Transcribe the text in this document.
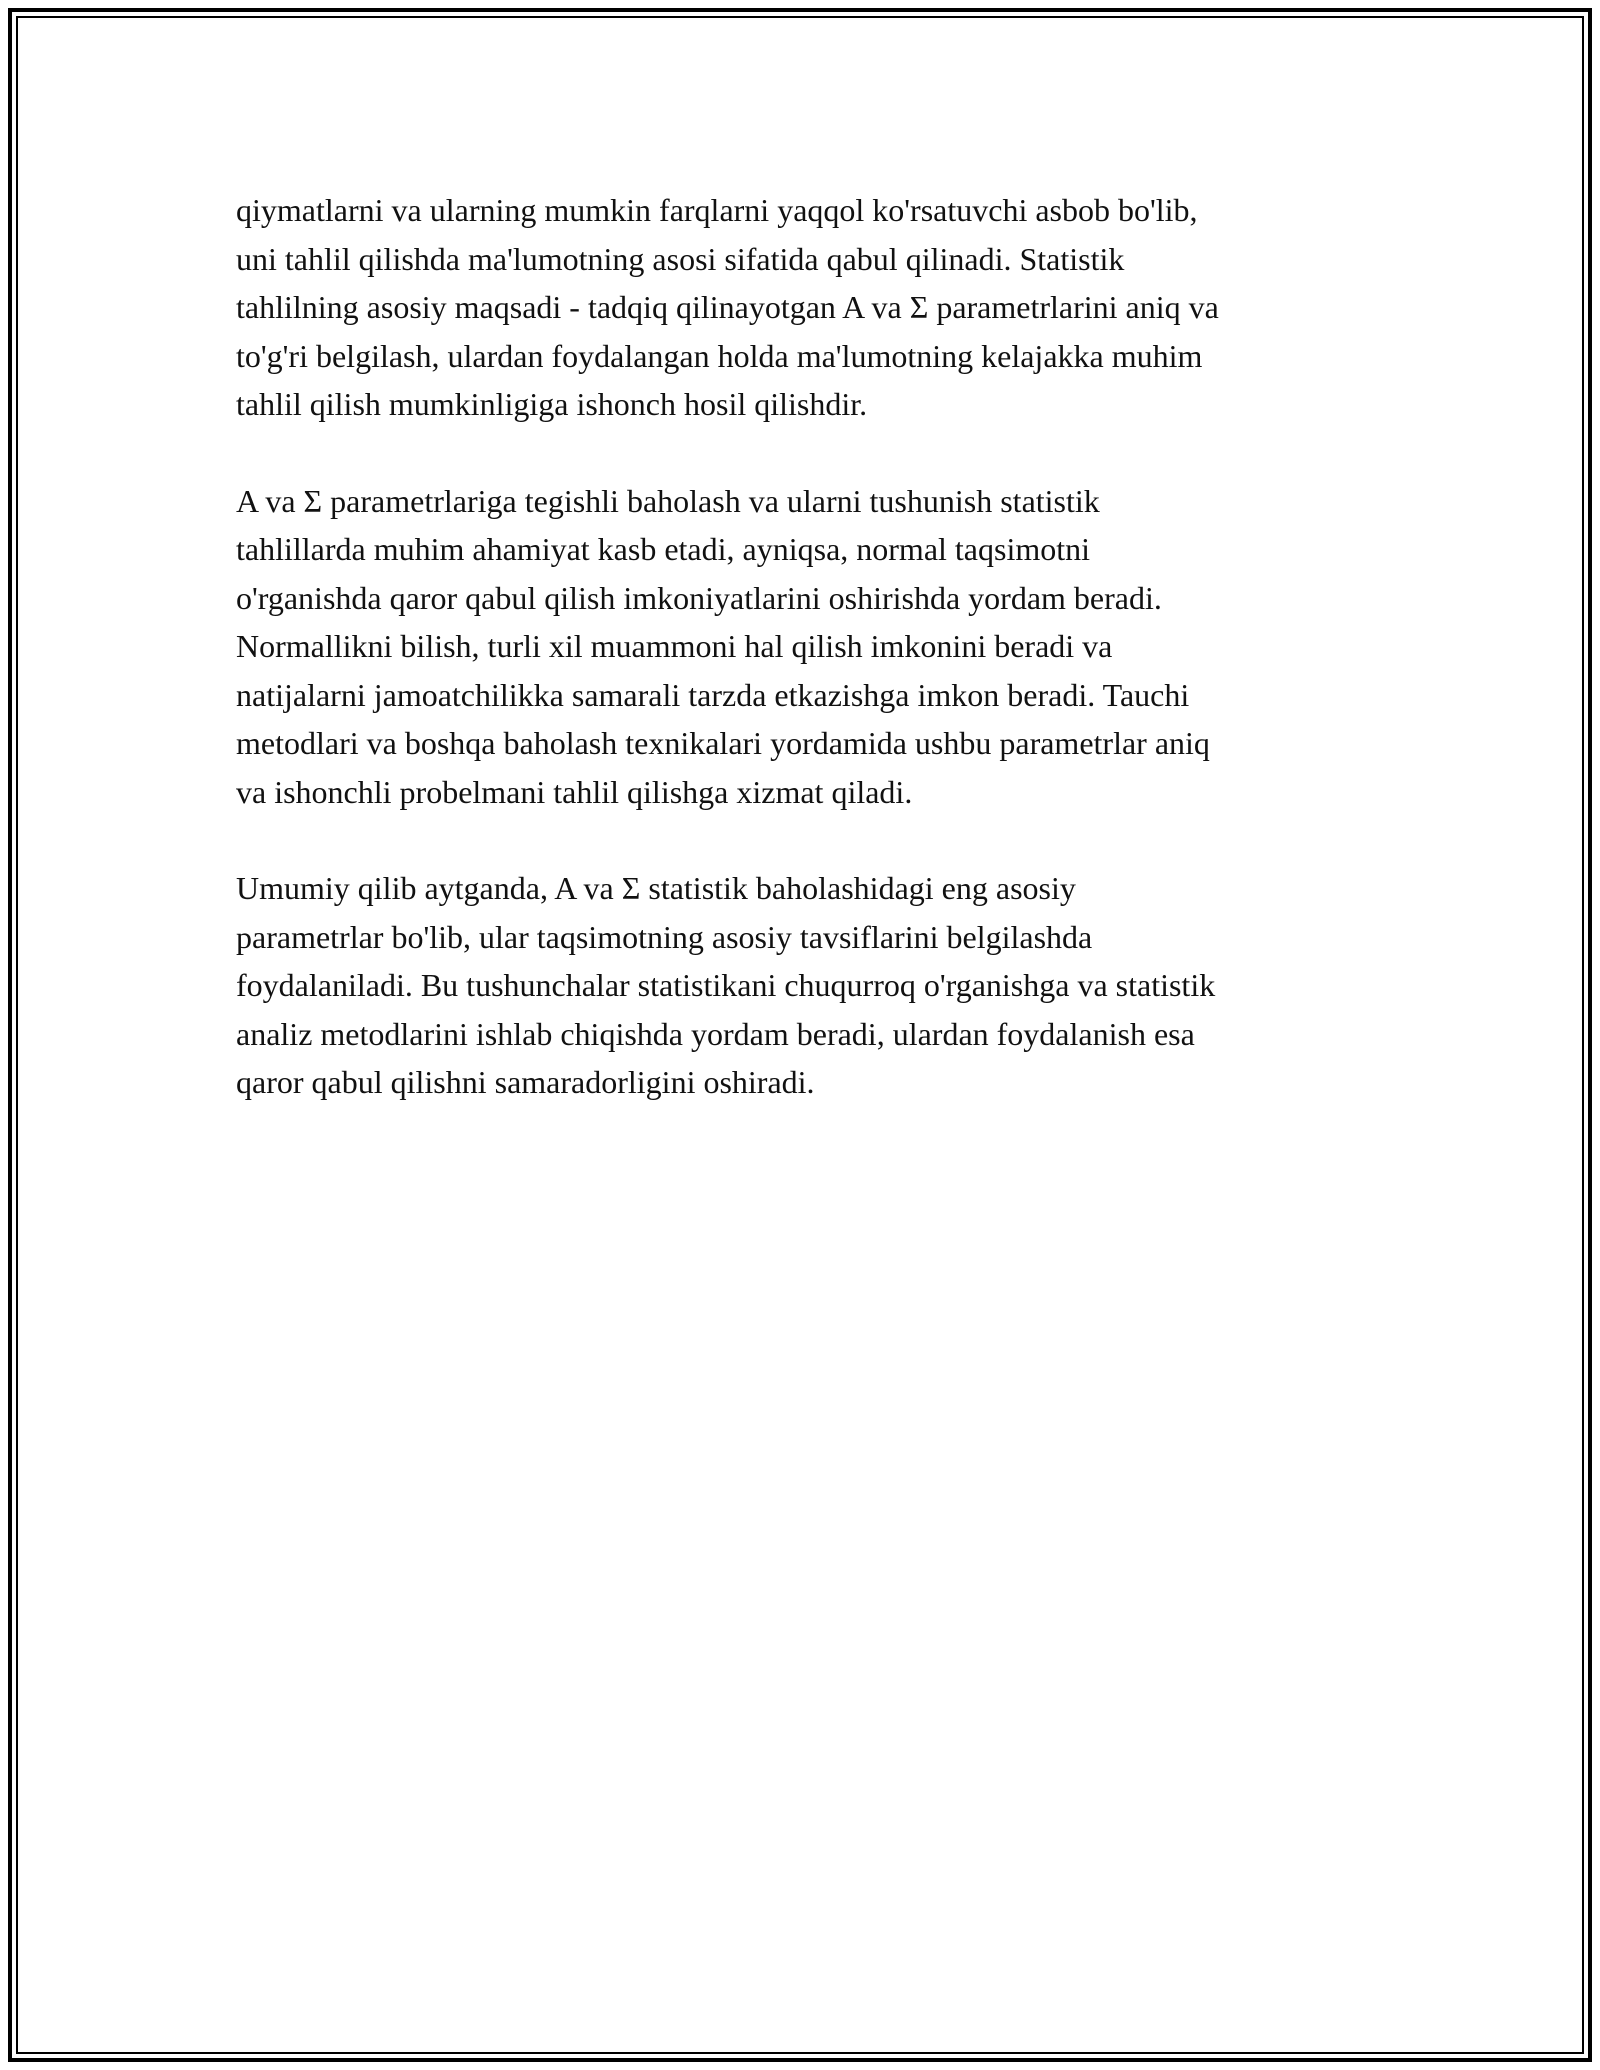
qiymatlarni va ularning mumkin farqlarni yaqqol ko'rsatuvchi asbob bo'lib,
uni tahlil qilishda ma'lumotning asosi sifatida qabul qilinadi. Statistik
tahlilning asosiy maqsadi - tadqiq qilinayotgan A va Σ parametrlarini aniq va
to'g'ri belgilash, ulardan foydalangan holda ma'lumotning kelajakka muhim
tahlil qilish mumkinligiga ishonch hosil qilishdir.

A va Σ parametrlariga tegishli baholash va ularni tushunish statistik
tahlillarda muhim ahamiyat kasb etadi, ayniqsa, normal taqsimotni
o'rganishda qaror qabul qilish imkoniyatlarini oshirishda yordam beradi.
Normallikni bilish, turli xil muammoni hal qilish imkonini beradi va
natijalarni jamoatchilikka samarali tarzda etkazishga imkon beradi. Tauchi
metodlari va boshqa baholash texnikalari yordamida ushbu parametrlar aniq
va ishonchli probelmani tahlil qilishga xizmat qiladi.

Umumiy qilib aytganda, A va Σ statistik baholashidagi eng asosiy
parametrlar bo'lib, ular taqsimotning asosiy tavsiflarini belgilashda
foydalaniladi. Bu tushunchalar statistikani chuqurroq o'rganishga va statistik
analiz metodlarini ishlab chiqishda yordam beradi, ulardan foydalanish esa
qaror qabul qilishni samaradorligini oshiradi.
